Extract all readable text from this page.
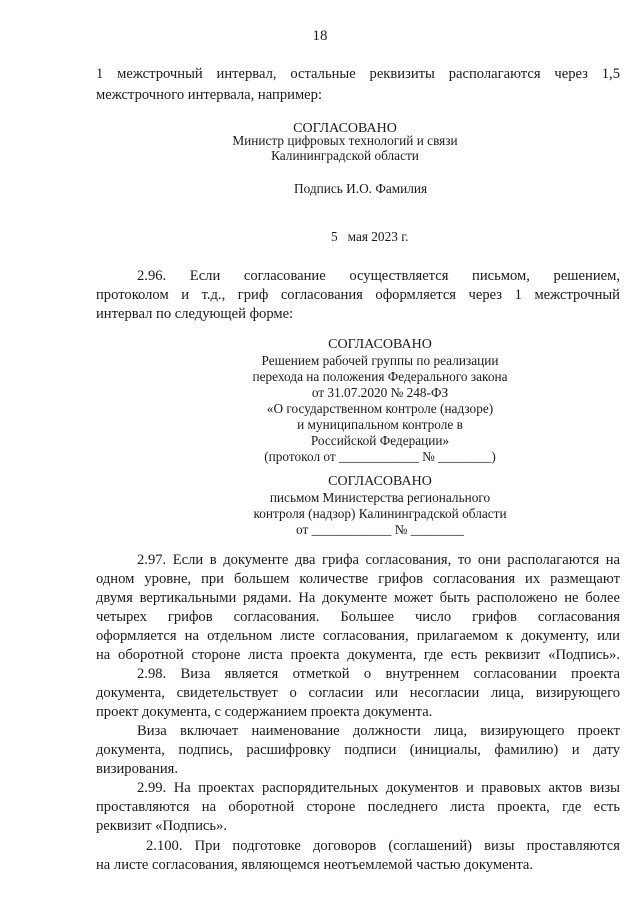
18
1 межстрочный интервал, остальные реквизиты располагаются через 1,5
межстрочного интервала, например:
СОГЛАСОВАНО
Министр цифровых технологий и связи
Калининградской области
Подпись И.О. Фамилия
5   мая 2023 г.
2.96. Если согласование осуществляется письмом, решением,
протоколом и т.д., гриф согласования оформляется через 1 межстрочный
интервал по следующей форме:
СОГЛАСОВАНО
Решением рабочей группы по реализации
перехода на положения Федерального закона
от 31.07.2020 № 248-ФЗ
«О государственном контроле (надзоре)
и муниципальном контроле в
Российской Федерации»
(протокол от ____________ № ________)
СОГЛАСОВАНО
письмом Министерства регионального
контроля (надзор) Калининградской области
от ____________ № ________
2.97. Если в документе два грифа согласования, то они располагаются на
одном уровне, при большем количестве грифов согласования их размещают
двумя вертикальными рядами. На документе может быть расположено не более
четырех грифов согласования. Большее число грифов согласования
оформляется на отдельном листе согласования, прилагаемом к документу, или
на оборотной стороне листа проекта документа, где есть реквизит «Подпись».
2.98. Виза является отметкой о внутреннем согласовании проекта
документа, свидетельствует о согласии или несогласии лица, визирующего
проект документа, с содержанием проекта документа.
Виза включает наименование должности лица, визирующего проект
документа, подпись, расшифровку подписи (инициалы, фамилию) и дату
визирования.
2.99. На проектах распорядительных документов и правовых актов визы
проставляются на оборотной стороне последнего листа проекта, где есть
реквизит «Подпись».
2.100. При подготовке договоров (соглашений) визы проставляются
на листе согласования, являющемся неотъемлемой частью документа.
